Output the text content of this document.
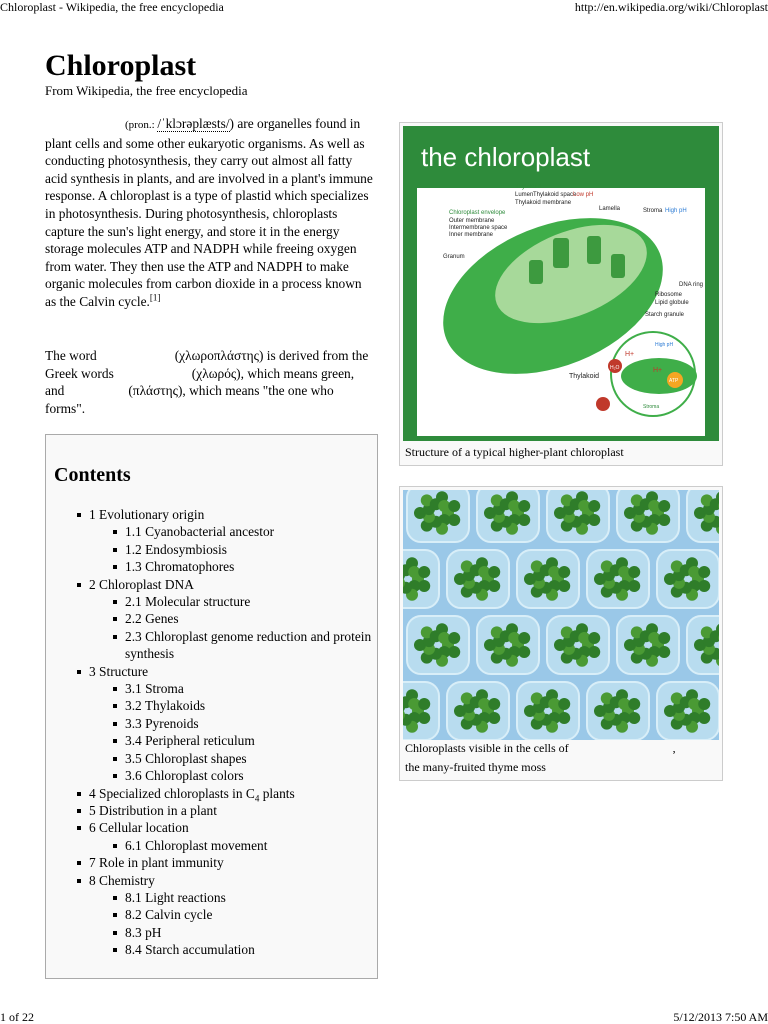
Chloroplast - Wikipedia, the free encyclopedia	http://en.wikipedia.org/wiki/Chloroplast
Chloroplast
From Wikipedia, the free encyclopedia

(pron.: /ˈklɔrəplæsts/) are organelles found in plant cells and some other eukaryotic organisms. As well as conducting photosynthesis, they carry out almost all fatty acid synthesis in plants, and are involved in a plant's immune response. A chloroplast is a type of plastid which specializes in photosynthesis. During photosynthesis, chloroplasts capture the sun's light energy, and store it in the energy storage molecules ATP and NADPH while freeing oxygen from water. They then use the ATP and NADPH to make organic molecules from carbon dioxide in a process known as the Calvin cycle.[1]

The word	(χλωροπλάστης) is derived from the Greek words	(χλωρός), which means green, and	(πλάστης), which means "the one who forms".

Contents
1 Evolutionary origin
1.1 Cyanobacterial ancestor
1.2 Endosymbiosis
1.3 Chromatophores
2 Chloroplast DNA
2.1 Molecular structure
2.2 Genes
2.3 Chloroplast genome reduction and protein synthesis
3 Structure
3.1 Stroma
3.2 Thylakoids
3.3 Pyrenoids
3.4 Peripheral reticulum
3.5 Chloroplast shapes
3.6 Chloroplast colors
4 Specialized chloroplasts in $C_4$ plants
5 Distribution in a plant
6 Cellular location
6.1 Chloroplast movement
7 Role in plant immunity
8 Chemistry
8.1 Light reactions
8.2 Calvin cycle
8.3 pH
8.4 Starch accumulation
the chloroplast
Thylakoid
Lumen Thylakoid space
Low pH
Thylakoid membrane
Lamella	Stroma High pH
Chloroplast envelope
Outer membrane
Intermembrane space
Inner membrane
Granum
DNA ring
Ribosome
Lipid globule
Starch granule
Thylakoid
High pH
Stroma
H+
H+
H₂O
ATP
Structure of a typical higher-plant chloroplast
Chloroplasts visible in the cells of	,
the many-fruited thyme moss
1 of 22	5/12/2013 7:50 AM
